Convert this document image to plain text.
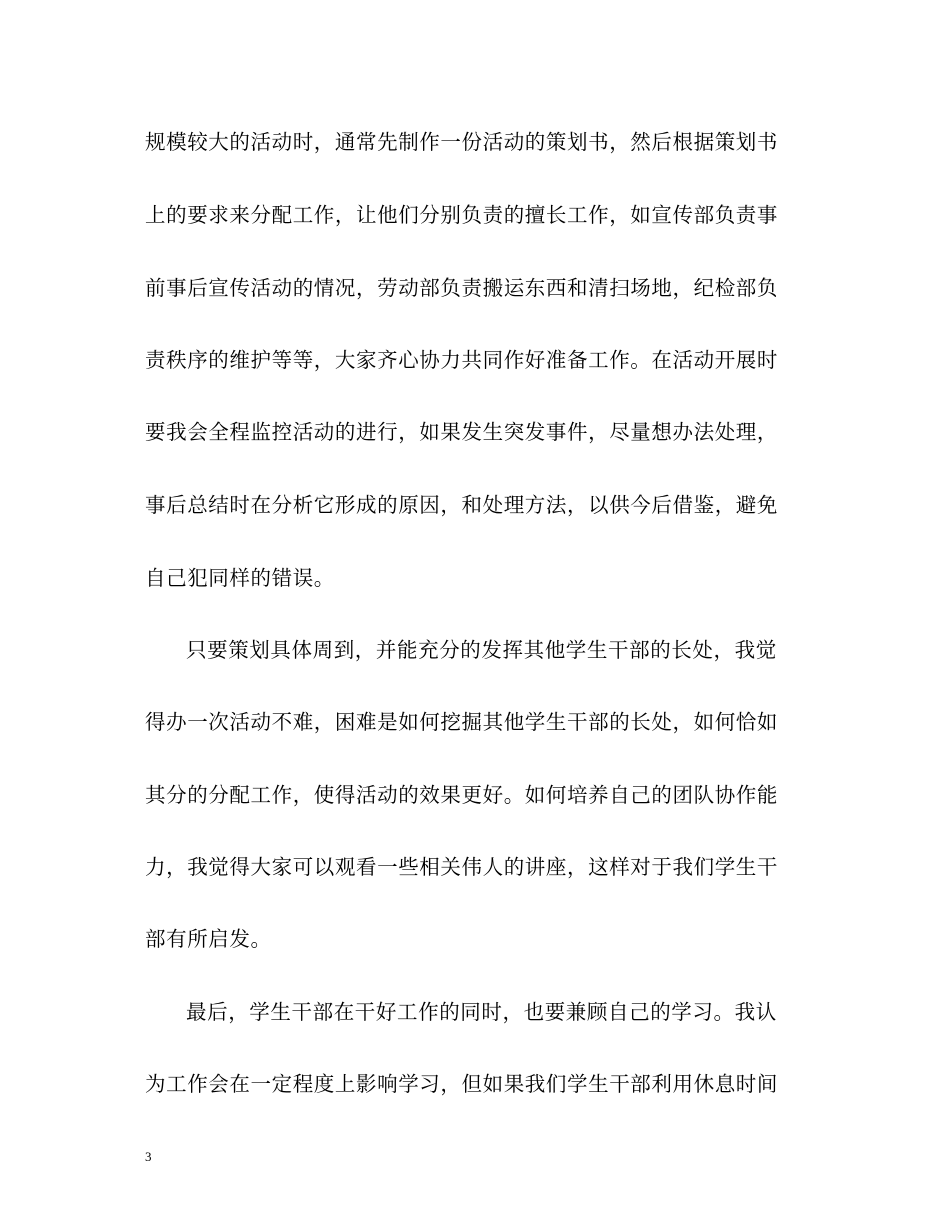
规模较大的活动时，通常先制作一份活动的策划书，然后根据策划书
上的要求来分配工作，让他们分别负责的擅长工作，如宣传部负责事
前事后宣传活动的情况，劳动部负责搬运东西和清扫场地，纪检部负
责秩序的维护等等，大家齐心协力共同作好准备工作。在活动开展时
要我会全程监控活动的进行，如果发生突发事件，尽量想办法处理，
事后总结时在分析它形成的原因，和处理方法，以供今后借鉴，避免
自己犯同样的错误。
只要策划具体周到，并能充分的发挥其他学生干部的长处，我觉
得办一次活动不难，困难是如何挖掘其他学生干部的长处，如何恰如
其分的分配工作，使得活动的效果更好。如何培养自己的团队协作能
力，我觉得大家可以观看一些相关伟人的讲座，这样对于我们学生干
部有所启发。
最后，学生干部在干好工作的同时，也要兼顾自己的学习。我认
为工作会在一定程度上影响学习，但如果我们学生干部利用休息时间
3
